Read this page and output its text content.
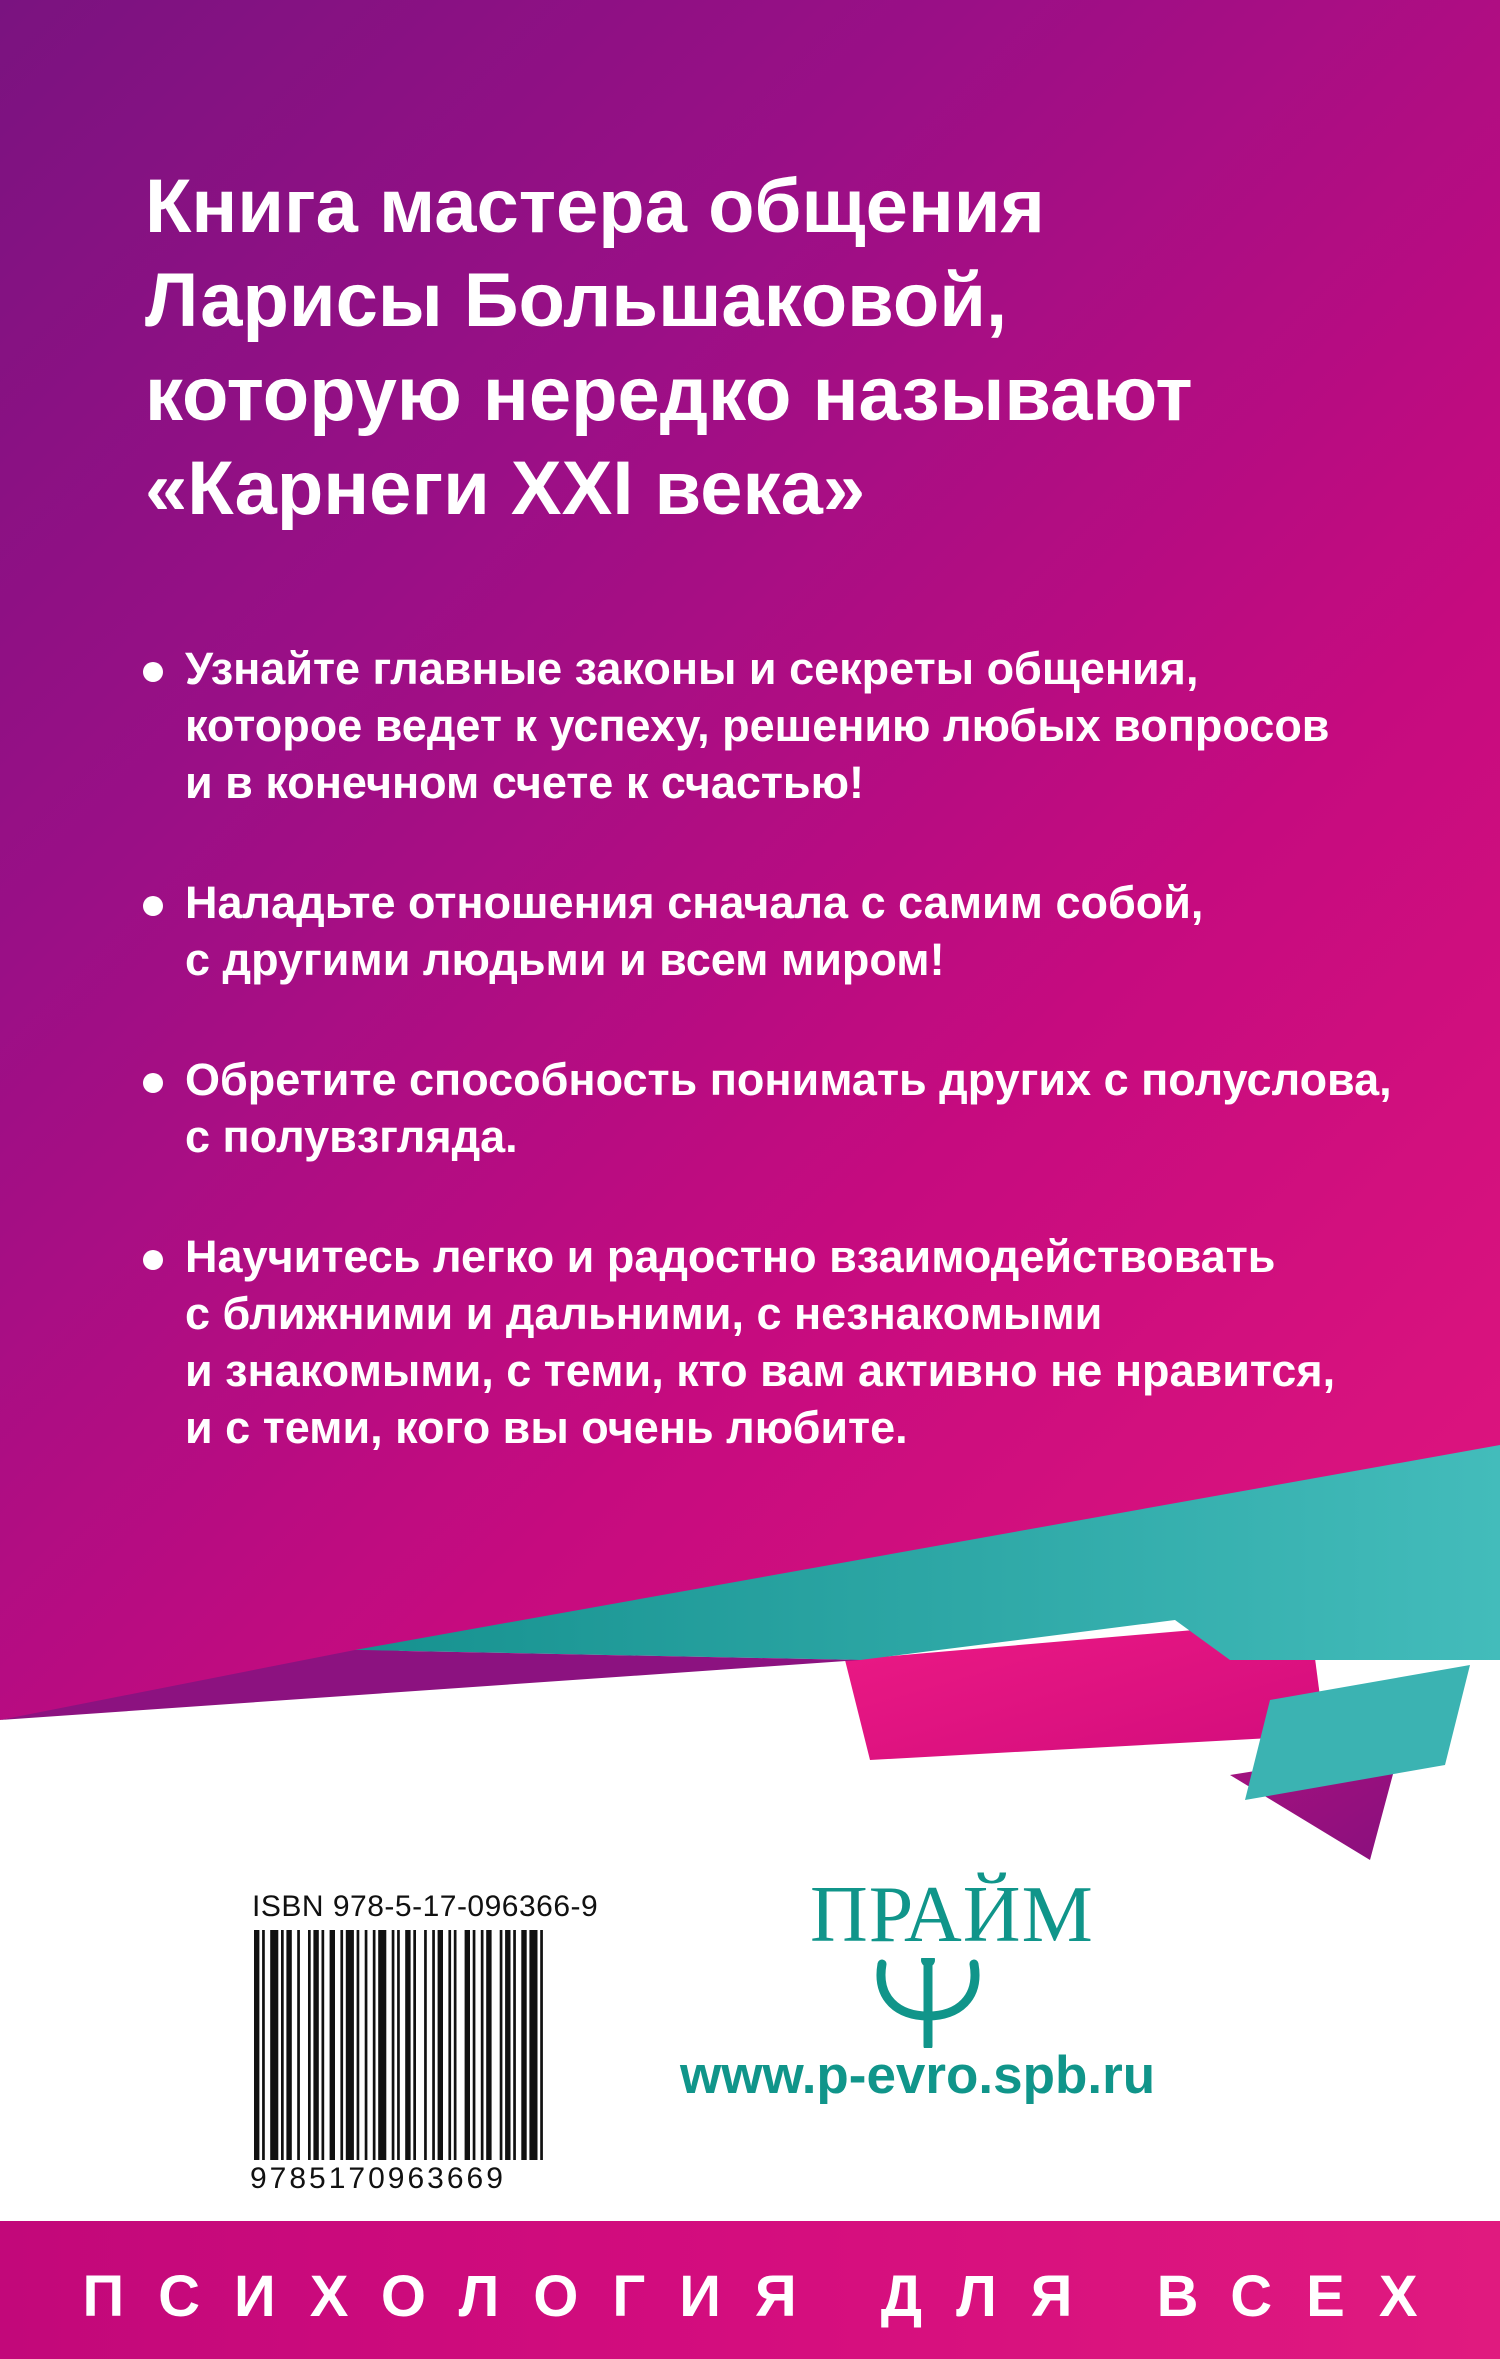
Книга мастера общения
Ларисы Большаковой,
которую нередко называют
«Карнеги XXI века»
Узнайте главные законы и секреты общения,
которое ведет к успеху, решению любых вопросов
и в конечном счете к счастью!
Наладьте отношения сначала с самим собой,
с другими людьми и всем миром!
Обретите способность понимать других с полуслова,
с полувзгляда.
Научитесь легко и радостно взаимодействовать
с ближними и дальними, с незнакомыми
и знакомыми, с теми, кто вам активно не нравится,
и с теми, кого вы очень любите.
ISBN 978-5-17-096366-9
9785170963669
ПРАЙМ
www.p-evro.spb.ru
ПСИХОЛОГИЯ ДЛЯ ВСЕХ
